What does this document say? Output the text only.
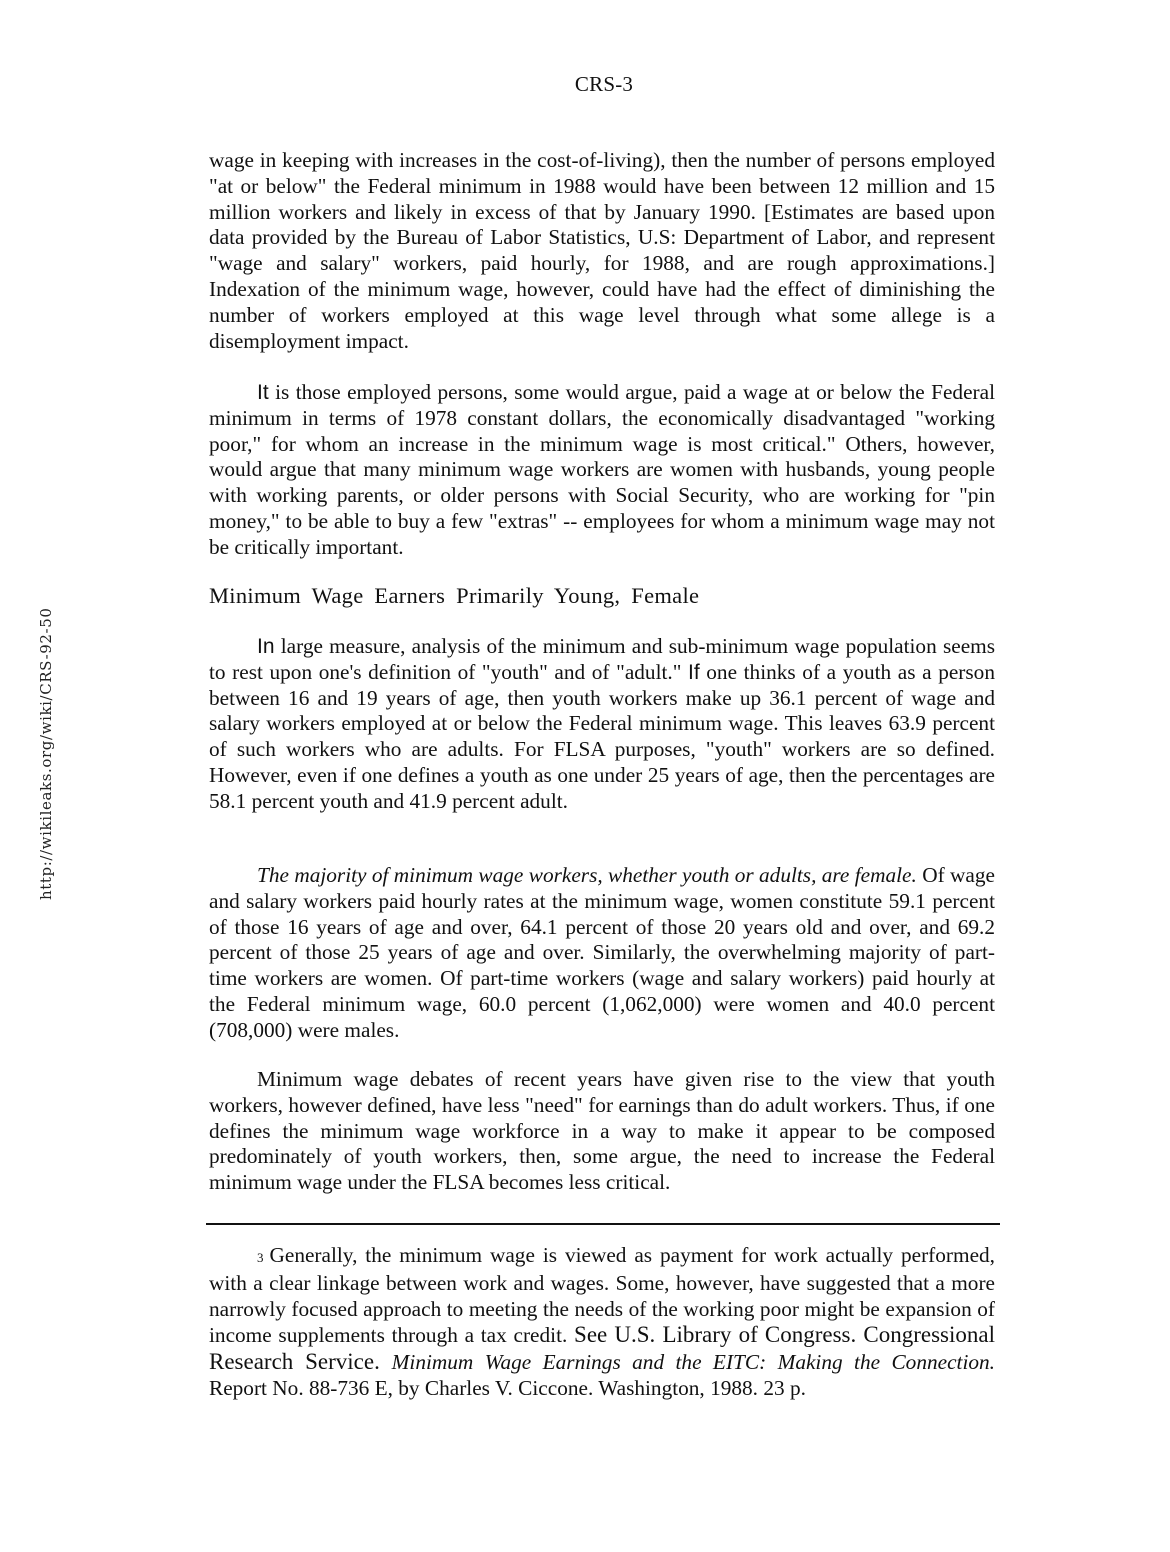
CRS-3
http://wikileaks.org/wiki/CRS-92-50

wage in keeping with increases in the cost-of-living), then the number of persons employed "at or below" the Federal minimum in 1988 would have been between 12 million and 15 million workers and likely in excess of that by January 1990. [Estimates are based upon data provided by the Bureau of Labor Statistics, U.S: Department of Labor, and represent "wage and salary" workers, paid hourly, for 1988, and are rough approximations.] Indexation of the minimum wage, however, could have had the effect of diminishing the number of workers employed at this wage level through what some allege is a disemployment impact.

It is those employed persons, some would argue, paid a wage at or below the Federal minimum in terms of 1978 constant dollars, the economically disadvantaged "working poor," for whom an increase in the minimum wage is most critical." Others, however, would argue that many minimum wage workers are women with husbands, young people with working parents, or older persons with Social Security, who are working for "pin money," to be able to buy a few "extras" -- employees for whom a minimum wage may not be critically important.

Minimum Wage Earners Primarily Young, Female

In large measure, analysis of the minimum and sub-minimum wage population seems to rest upon one's definition of "youth" and of "adult." If one thinks of a youth as a person between 16 and 19 years of age, then youth workers make up 36.1 percent of wage and salary workers employed at or below the Federal minimum wage. This leaves 63.9 percent of such workers who are adults. For FLSA purposes, "youth" workers are so defined. However, even if one defines a youth as one under 25 years of age, then the percentages are 58.1 percent youth and 41.9 percent adult.

The majority of minimum wage workers, whether youth or adults, are female. Of wage and salary workers paid hourly rates at the minimum wage, women constitute 59.1 percent of those 16 years of age and over, 64.1 percent of those 20 years old and over, and 69.2 percent of those 25 years of age and over. Similarly, the overwhelming majority of part-time workers are women. Of part-time workers (wage and salary workers) paid hourly at the Federal minimum wage, 60.0 percent (1,062,000) were women and 40.0 percent (708,000) were males.

Minimum wage debates of recent years have given rise to the view that youth workers, however defined, have less "need" for earnings than do adult workers. Thus, if one defines the minimum wage workforce in a way to make it appear to be composed predominately of youth workers, then, some argue, the need to increase the Federal minimum wage under the FLSA becomes less critical.

3 Generally, the minimum wage is viewed as payment for work actually performed, with a clear linkage between work and wages. Some, however, have suggested that a more narrowly focused approach to meeting the needs of the working poor might be expansion of income supplements through a tax credit. See U.S. Library of Congress. Congressional Research Service. Minimum Wage Earnings and the EITC: Making the Connection. Report No. 88-736 E, by Charles V. Ciccone. Washington, 1988. 23 p.
